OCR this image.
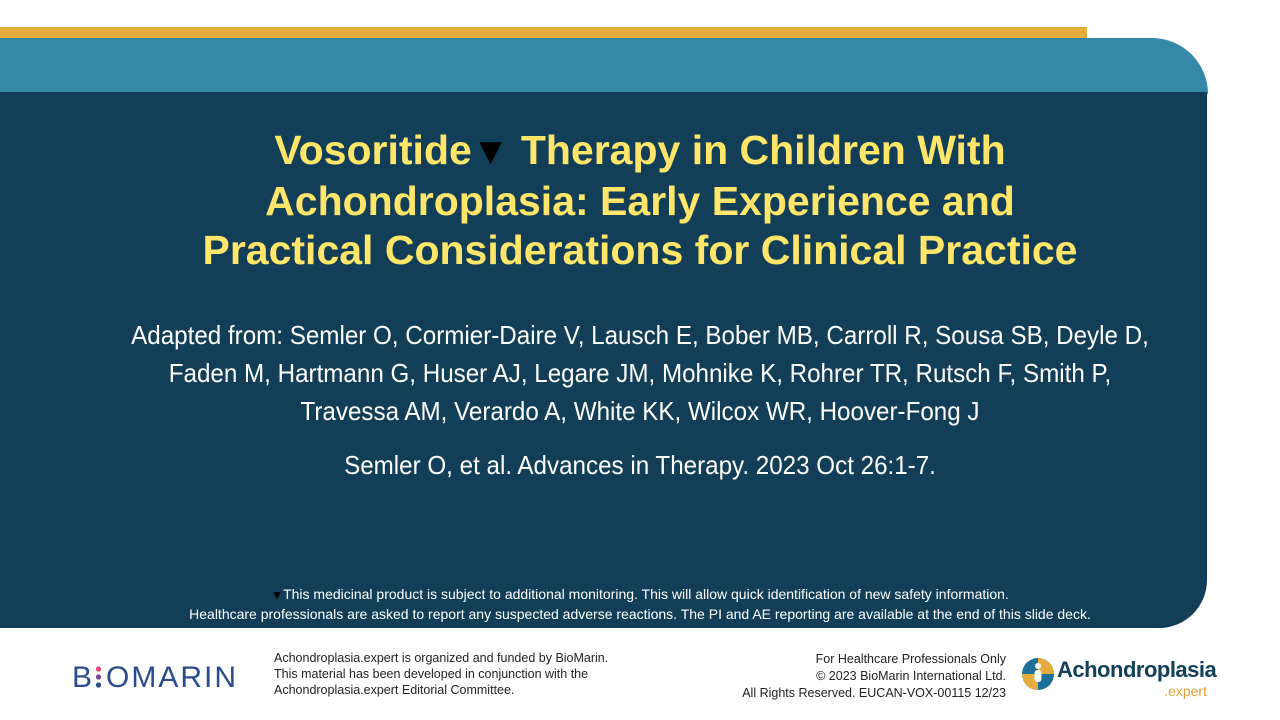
Vosoritide▼ Therapy in Children With
Achondroplasia: Early Experience and
Practical Considerations for Clinical Practice
Adapted from: Semler O, Cormier-Daire V, Lausch E, Bober MB, Carroll R, Sousa SB, Deyle D,
Faden M, Hartmann G, Huser AJ, Legare JM, Mohnike K, Rohrer TR, Rutsch F, Smith P,
Travessa AM, Verardo A, White KK, Wilcox WR, Hoover-Fong J
Semler O, et al. Advances in Therapy. 2023 Oct 26:1-7.
▼This medicinal product is subject to additional monitoring. This will allow quick identification of new safety information.
Healthcare professionals are asked to report any suspected adverse reactions. The PI and AE reporting are available at the end of this slide deck.
B OMARIN
Achondroplasia.expert is organized and funded by BioMarin.
This material has been developed in conjunction with the
Achondroplasia.expert Editorial Committee.
For Healthcare Professionals Only
© 2023 BioMarin International Ltd.
All Rights Reserved. EUCAN-VOX-00115 12/23
Achondroplasia
.expert
